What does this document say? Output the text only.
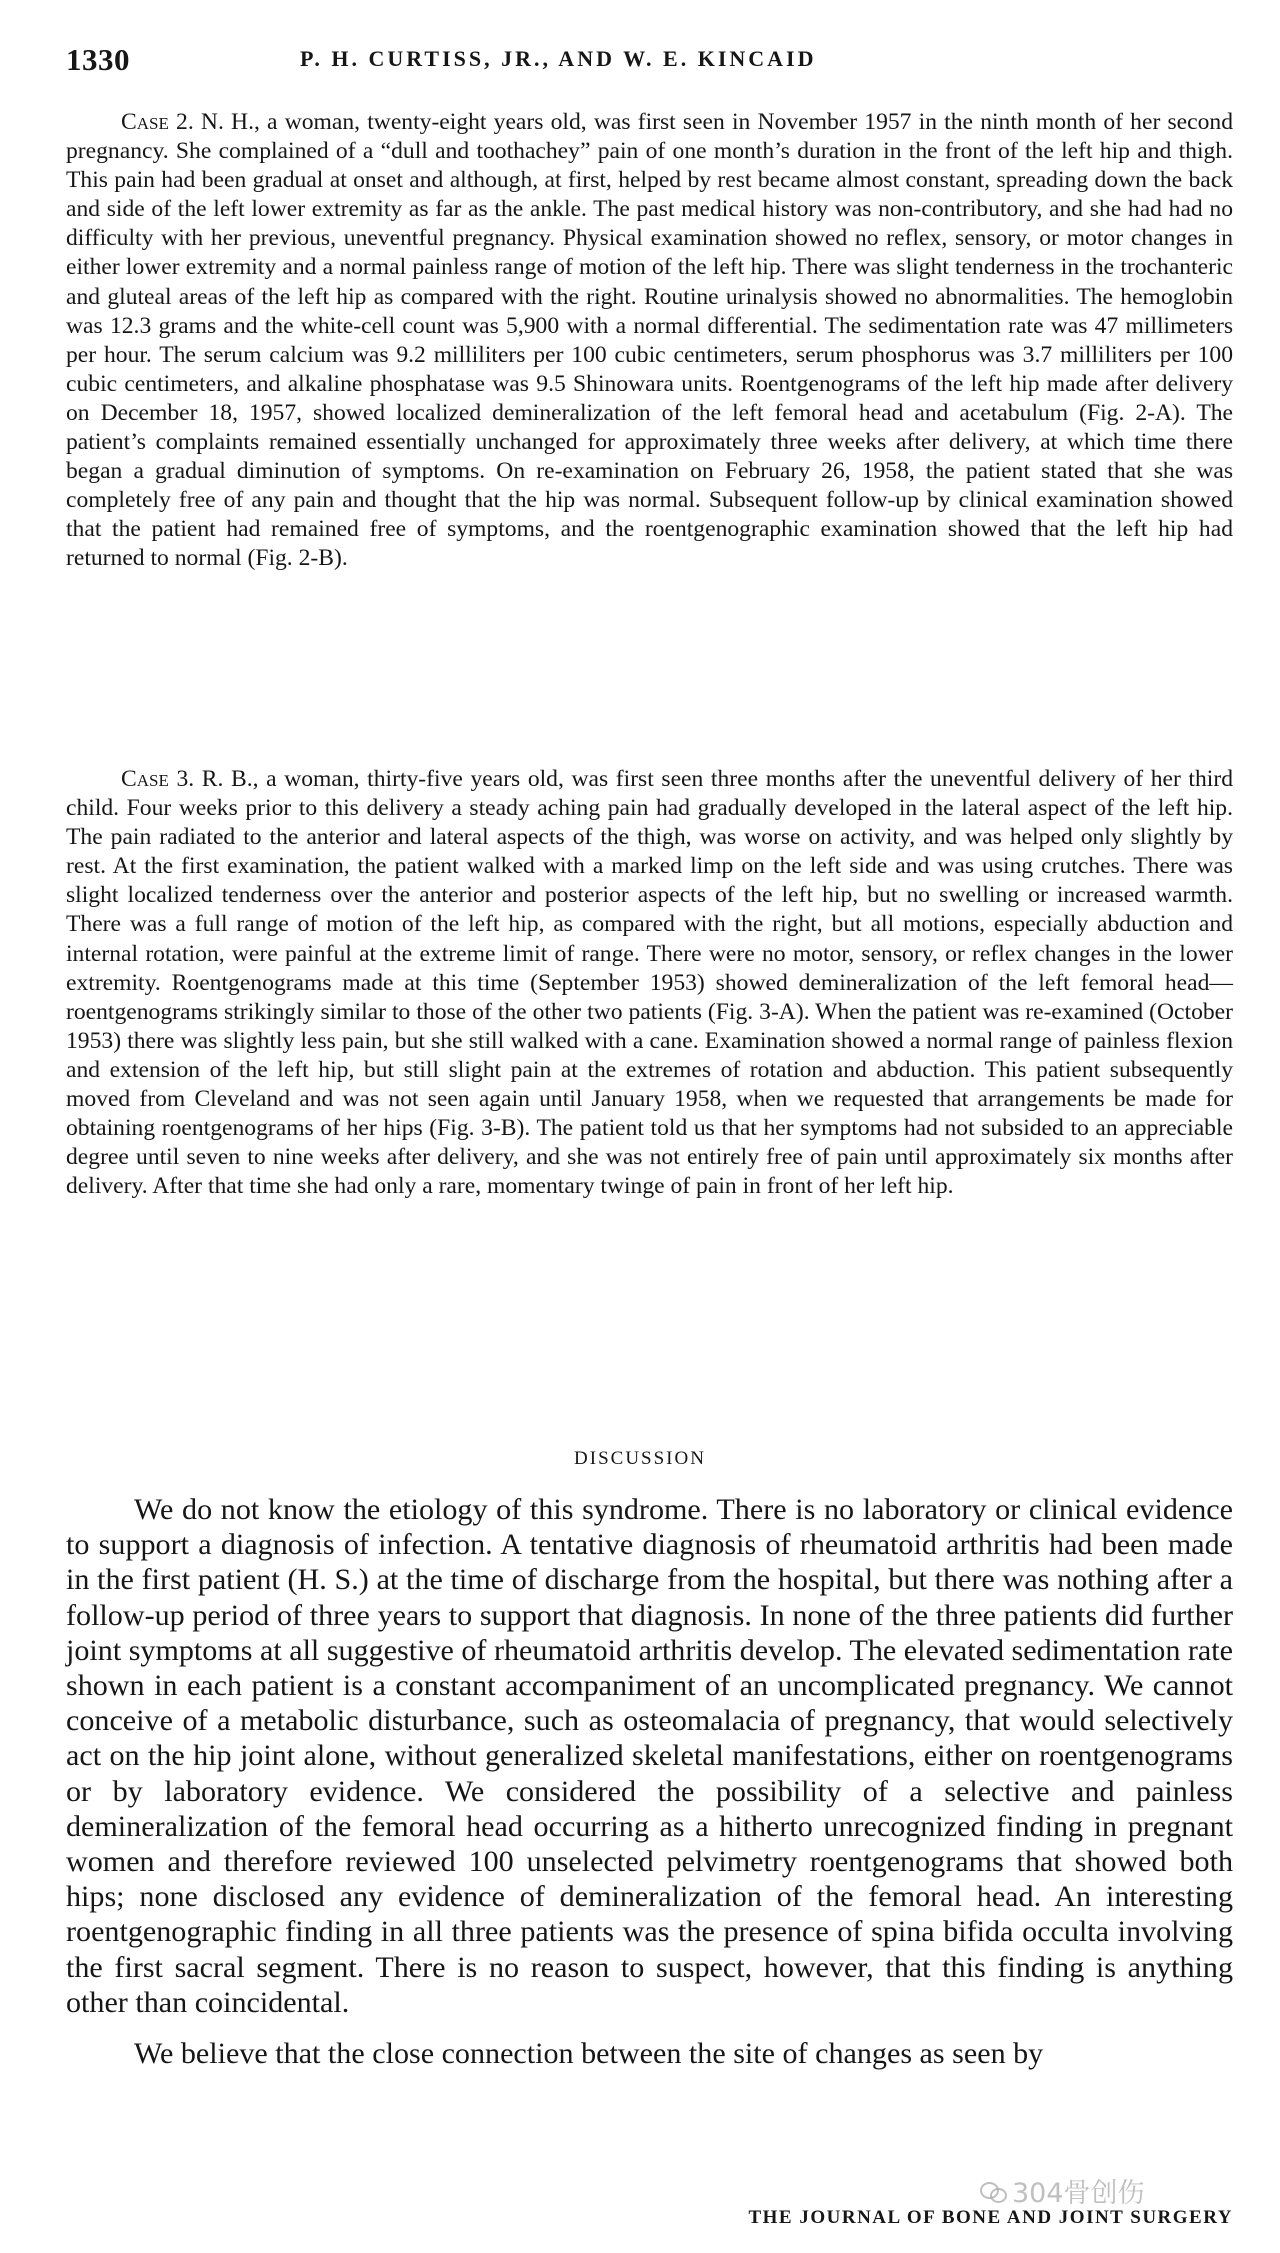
1330	P. H. CURTISS, JR., AND W. E. KINCAID

Case 2. N. H., a woman, twenty-eight years old, was first seen in November 1957 in the ninth month of her second pregnancy. She complained of a “dull and toothachey” pain of one month’s duration in the front of the left hip and thigh. This pain had been gradual at onset and although, at first, helped by rest became almost constant, spreading down the back and side of the left lower extremity as far as the ankle. The past medical history was non-contributory, and she had had no difficulty with her previous, uneventful pregnancy. Physical examination showed no reflex, sensory, or motor changes in either lower extremity and a normal painless range of motion of the left hip. There was slight tenderness in the trochanteric and gluteal areas of the left hip as compared with the right. Routine urinalysis showed no abnormalities. The hemoglobin was 12.3 grams and the white-cell count was 5,900 with a normal differential. The sedimentation rate was 47 millimeters per hour. The serum calcium was 9.2 milliliters per 100 cubic centimeters, serum phosphorus was 3.7 milliliters per 100 cubic centimeters, and alkaline phosphatase was 9.5 Shinowara units. Roentgenograms of the left hip made after delivery on December 18, 1957, showed localized demineralization of the left femoral head and acetabulum (Fig. 2-A). The patient’s complaints remained essentially unchanged for approximately three weeks after delivery, at which time there began a gradual diminution of symptoms. On re-examination on February 26, 1958, the patient stated that she was completely free of any pain and thought that the hip was normal. Subsequent follow-up by clinical examination showed that the patient had remained free of symptoms, and the roentgenographic examination showed that the left hip had returned to normal (Fig. 2-B).

Case 3. R. B., a woman, thirty-five years old, was first seen three months after the uneventful delivery of her third child. Four weeks prior to this delivery a steady aching pain had gradually developed in the lateral aspect of the left hip. The pain radiated to the anterior and lateral aspects of the thigh, was worse on activity, and was helped only slightly by rest. At the first examination, the patient walked with a marked limp on the left side and was using crutches. There was slight localized tenderness over the anterior and posterior aspects of the left hip, but no swelling or increased warmth. There was a full range of motion of the left hip, as compared with the right, but all motions, especially abduction and internal rotation, were painful at the extreme limit of range. There were no motor, sensory, or reflex changes in the lower extremity. Roentgenograms made at this time (September 1953) showed demineralization of the left femoral head—roentgenograms strikingly similar to those of the other two patients (Fig. 3-A). When the patient was re-examined (October 1953) there was slightly less pain, but she still walked with a cane. Examination showed a normal range of painless flexion and extension of the left hip, but still slight pain at the extremes of rotation and abduction. This patient subsequently moved from Cleveland and was not seen again until January 1958, when we requested that arrangements be made for obtaining roentgenograms of her hips (Fig. 3-B). The patient told us that her symptoms had not subsided to an appreciable degree until seven to nine weeks after delivery, and she was not entirely free of pain until approximately six months after delivery. After that time she had only a rare, momentary twinge of pain in front of her left hip.

DISCUSSION

We do not know the etiology of this syndrome. There is no laboratory or clinical evidence to support a diagnosis of infection. A tentative diagnosis of rheumatoid arthritis had been made in the first patient (H. S.) at the time of discharge from the hospital, but there was nothing after a follow-up period of three years to support that diagnosis. In none of the three patients did further joint symptoms at all suggestive of rheumatoid arthritis develop. The elevated sedimentation rate shown in each patient is a constant accompaniment of an uncomplicated pregnancy. We cannot conceive of a metabolic disturbance, such as osteomalacia of pregnancy, that would selectively act on the hip joint alone, without generalized skeletal manifestations, either on roentgenograms or by laboratory evidence. We considered the possibility of a selective and painless demineralization of the femoral head occurring as a hitherto unrecognized finding in pregnant women and therefore reviewed 100 unselected pelvimetry roentgenograms that showed both hips; none disclosed any evidence of demineralization of the femoral head. An interesting roentgenographic finding in all three patients was the presence of spina bifida occulta involving the first sacral segment. There is no reason to suspect, however, that this finding is anything other than coincidental.

We believe that the close connection between the site of changes as seen by

304骨创伤
THE JOURNAL OF BONE AND JOINT SURGERY
